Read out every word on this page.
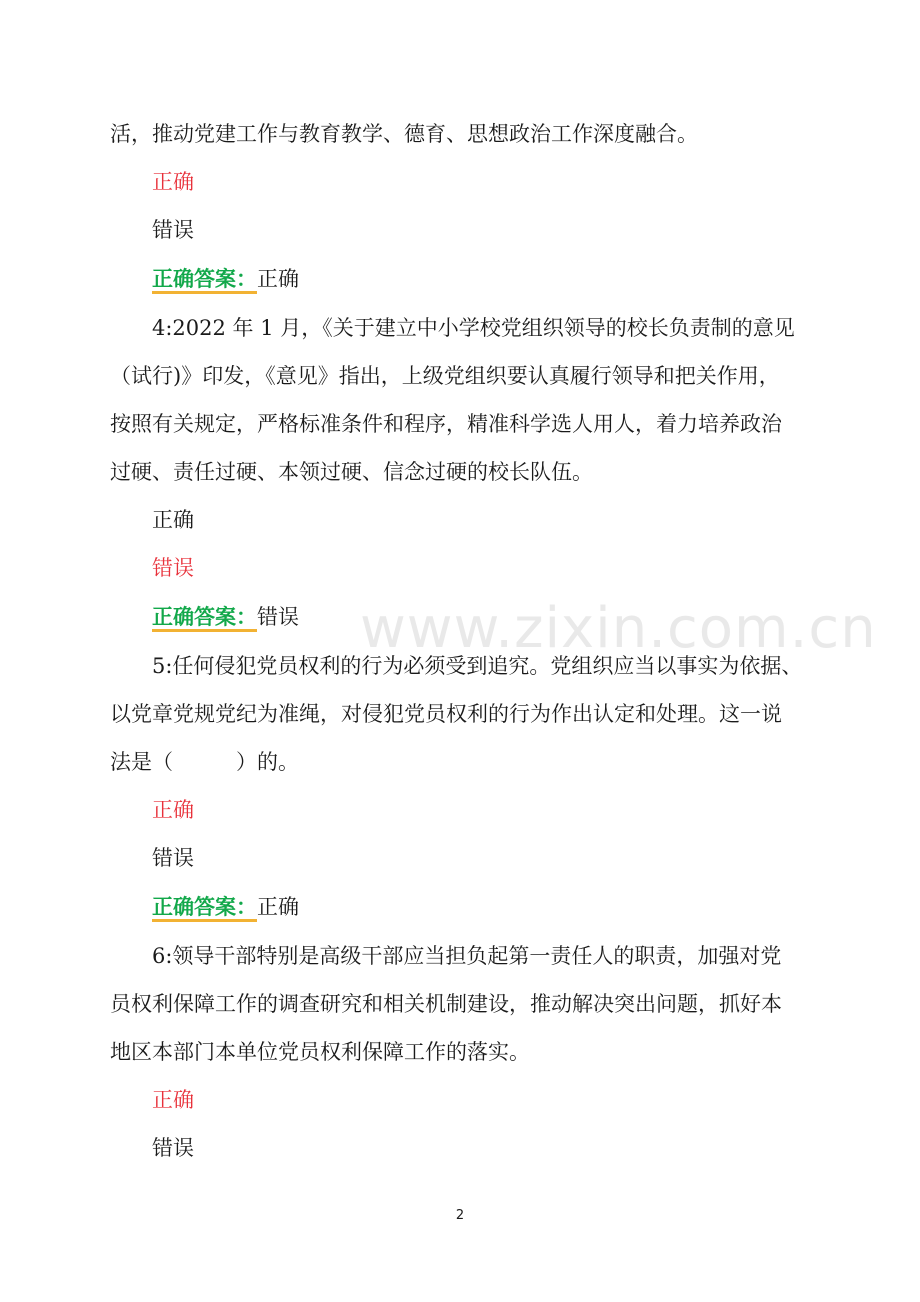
www.zixin.com.cn
活，推动党建工作与教育教学、德育、思想政治工作深度融合。
正确
错误
正确答案：正确
4:2022 年 1 月，《关于建立中小学校党组织领导的校长负责制的意见
（试行)》印发，《意见》指出，上级党组织要认真履行领导和把关作用，
按照有关规定，严格标准条件和程序，精准科学选人用人，着力培养政治
过硬、责任过硬、本领过硬、信念过硬的校长队伍。
正确
错误
正确答案：错误
5:任何侵犯党员权利的行为必须受到追究。党组织应当以事实为依据、
以党章党规党纪为准绳，对侵犯党员权利的行为作出认定和处理。这一说
法是（　　　）的。
正确
错误
正确答案：正确
6:领导干部特别是高级干部应当担负起第一责任人的职责，加强对党
员权利保障工作的调查研究和相关机制建设，推动解决突出问题，抓好本
地区本部门本单位党员权利保障工作的落实。
正确
错误
2
